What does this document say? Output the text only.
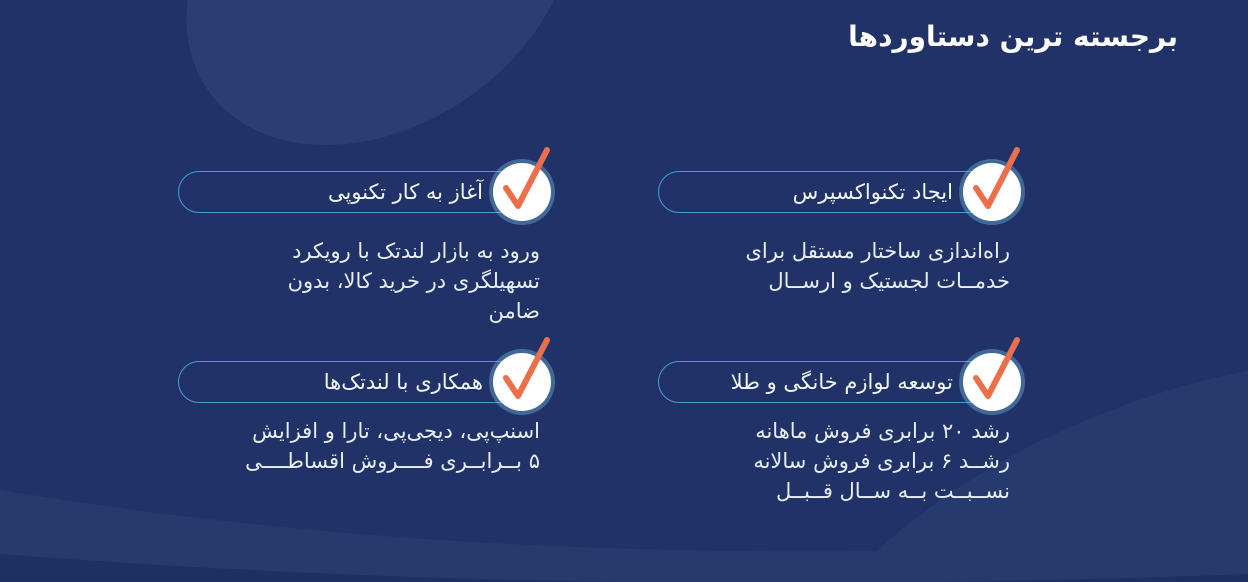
برجسته ترین دستاوردها
ایجاد تکنواکسپرس
راه‌اندازی ساختار مستقل برای
خدمــات لجستیک و ارســال
آغاز به کار تکنوپی
ورود به بازار لندتک با رویکرد
تسهیلگری در خرید کالا، بدون
ضامن
توسعه لوازم خانگی و طلا
رشد ۲۰ برابری فروش ماهانه
رشــد ۶ برابری فروش سالانه
نســبــت بــه ســال قــبــل
همکاری با لندتک‌ها
اسنپ‌پی، دیجی‌پی، تارا و افزایش
۵ بــرابــری فــــروش اقساطــــی
